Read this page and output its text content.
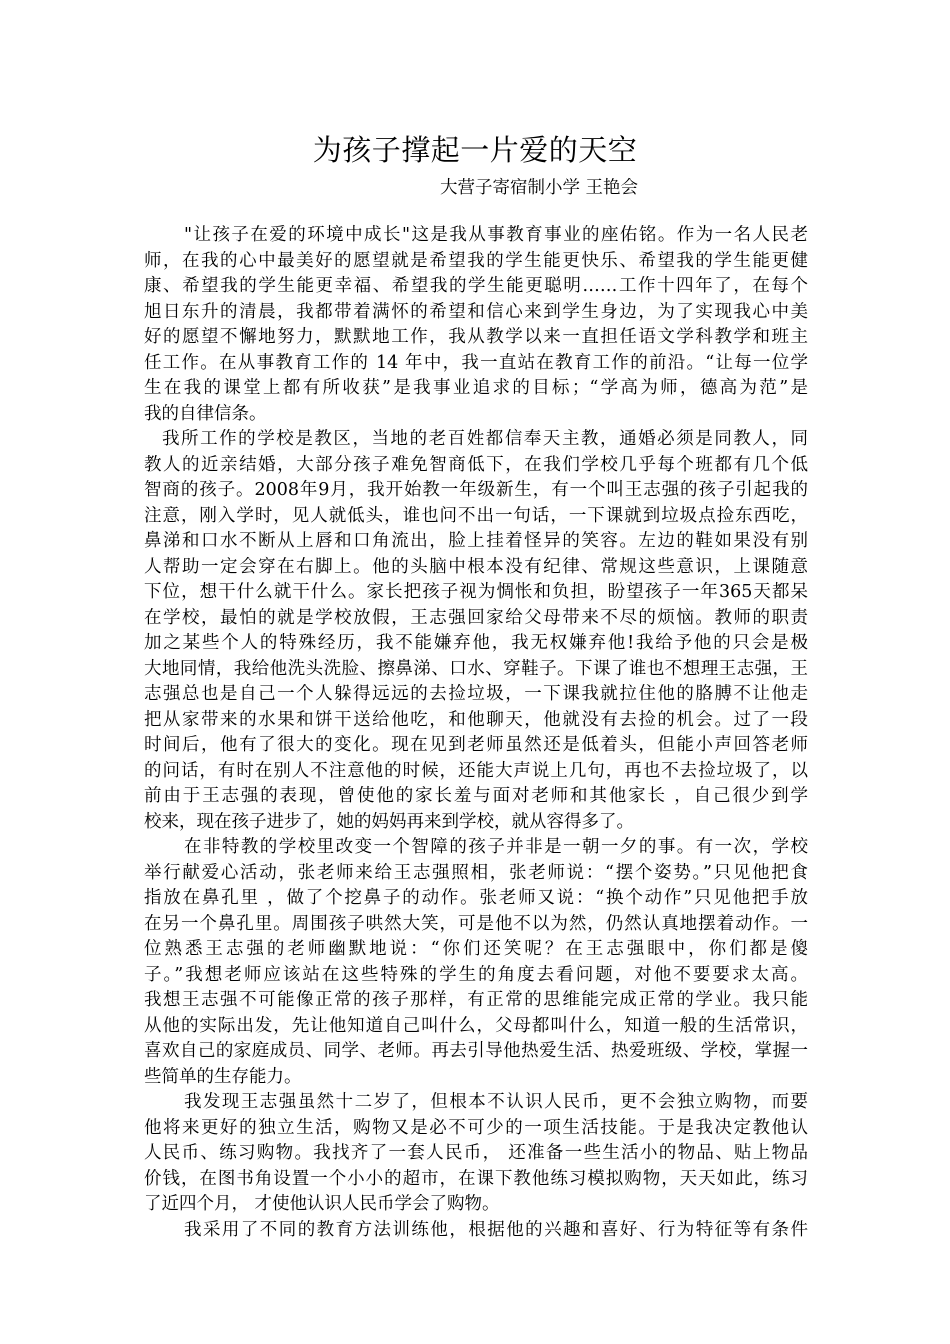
为孩子撑起一片爱的天空
大营子寄宿制小学 王艳会
"让孩子在爱的环境中成长"这是我从事教育事业的座佑铭。作为一名人民老
师，在我的心中最美好的愿望就是希望我的学生能更快乐、希望我的学生能更健
康、希望我的学生能更幸福、希望我的学生能更聪明……工作十四年了，在每个
旭日东升的清晨，我都带着满怀的希望和信心来到学生身边，为了实现我心中美
好的愿望不懈地努力，默默地工作，我从教学以来一直担任语文学科教学和班主
任工作。在从事教育工作的 14 年中，我一直站在教育工作的前沿。“让每一位学
生在我的课堂上都有所收获”是我事业追求的目标；“学高为师，德高为范”是
我的自律信条。
我所工作的学校是教区，当地的老百姓都信奉天主教，通婚必须是同教人，同
教人的近亲结婚，大部分孩子难免智商低下，在我们学校几乎每个班都有几个低
智商的孩子。2008年9月，我开始教一年级新生，有一个叫王志强的孩子引起我的
注意，刚入学时，见人就低头，谁也问不出一句话，一下课就到垃圾点捡东西吃，
鼻涕和口水不断从上唇和口角流出，脸上挂着怪异的笑容。左边的鞋如果没有别
人帮助一定会穿在右脚上。他的头脑中根本没有纪律、常规这些意识，上课随意
下位，想干什么就干什么。家长把孩子视为惆怅和负担，盼望孩子一年365天都呆
在学校，最怕的就是学校放假，王志强回家给父母带来不尽的烦恼。教师的职责
加之某些个人的特殊经历，我不能嫌弃他，我无权嫌弃他!我给予他的只会是极
大地同情，我给他洗头洗脸、擦鼻涕、口水、穿鞋子。下课了谁也不想理王志强，王
志强总也是自己一个人躲得远远的去捡垃圾，一下课我就拉住他的胳膊不让他走
把从家带来的水果和饼干送给他吃，和他聊天，他就没有去捡的机会。过了一段
时间后，他有了很大的变化。现在见到老师虽然还是低着头，但能小声回答老师
的问话，有时在别人不注意他的时候，还能大声说上几句，再也不去捡垃圾了，以
前由于王志强的表现，曾使他的家长羞与面对老师和其他家长 ，自己很少到学
校来，现在孩子进步了，她的妈妈再来到学校，就从容得多了。
在非特教的学校里改变一个智障的孩子并非是一朝一夕的事。有一次，学校
举行献爱心活动，张老师来给王志强照相，张老师说：“摆个姿势。”只见他把食
指放在鼻孔里 ，做了个挖鼻子的动作。张老师又说：“换个动作”只见他把手放
在另一个鼻孔里。周围孩子哄然大笑，可是他不以为然，仍然认真地摆着动作。一
位熟悉王志强的老师幽默地说：“你们还笑呢？在王志强眼中，你们都是傻
子。”我想老师应该站在这些特殊的学生的角度去看问题，对他不要要求太高。
我想王志强不可能像正常的孩子那样，有正常的思维能完成正常的学业。我只能
从他的实际出发，先让他知道自己叫什么，父母都叫什么，知道一般的生活常识，
喜欢自己的家庭成员、同学、老师。再去引导他热爱生活、热爱班级、学校，掌握一
些简单的生存能力。
我发现王志强虽然十二岁了，但根本不认识人民币，更不会独立购物，而要
他将来更好的独立生活，购物又是必不可少的一项生活技能。于是我决定教他认
人民币、练习购物。我找齐了一套人民币， 还准备一些生活小的物品、贴上物品
价钱，在图书角设置一个小小的超市，在课下教他练习模拟购物，天天如此，练习
了近四个月， 才使他认识人民币学会了购物。
我采用了不同的教育方法训练他，根据他的兴趣和喜好、行为特征等有条件
